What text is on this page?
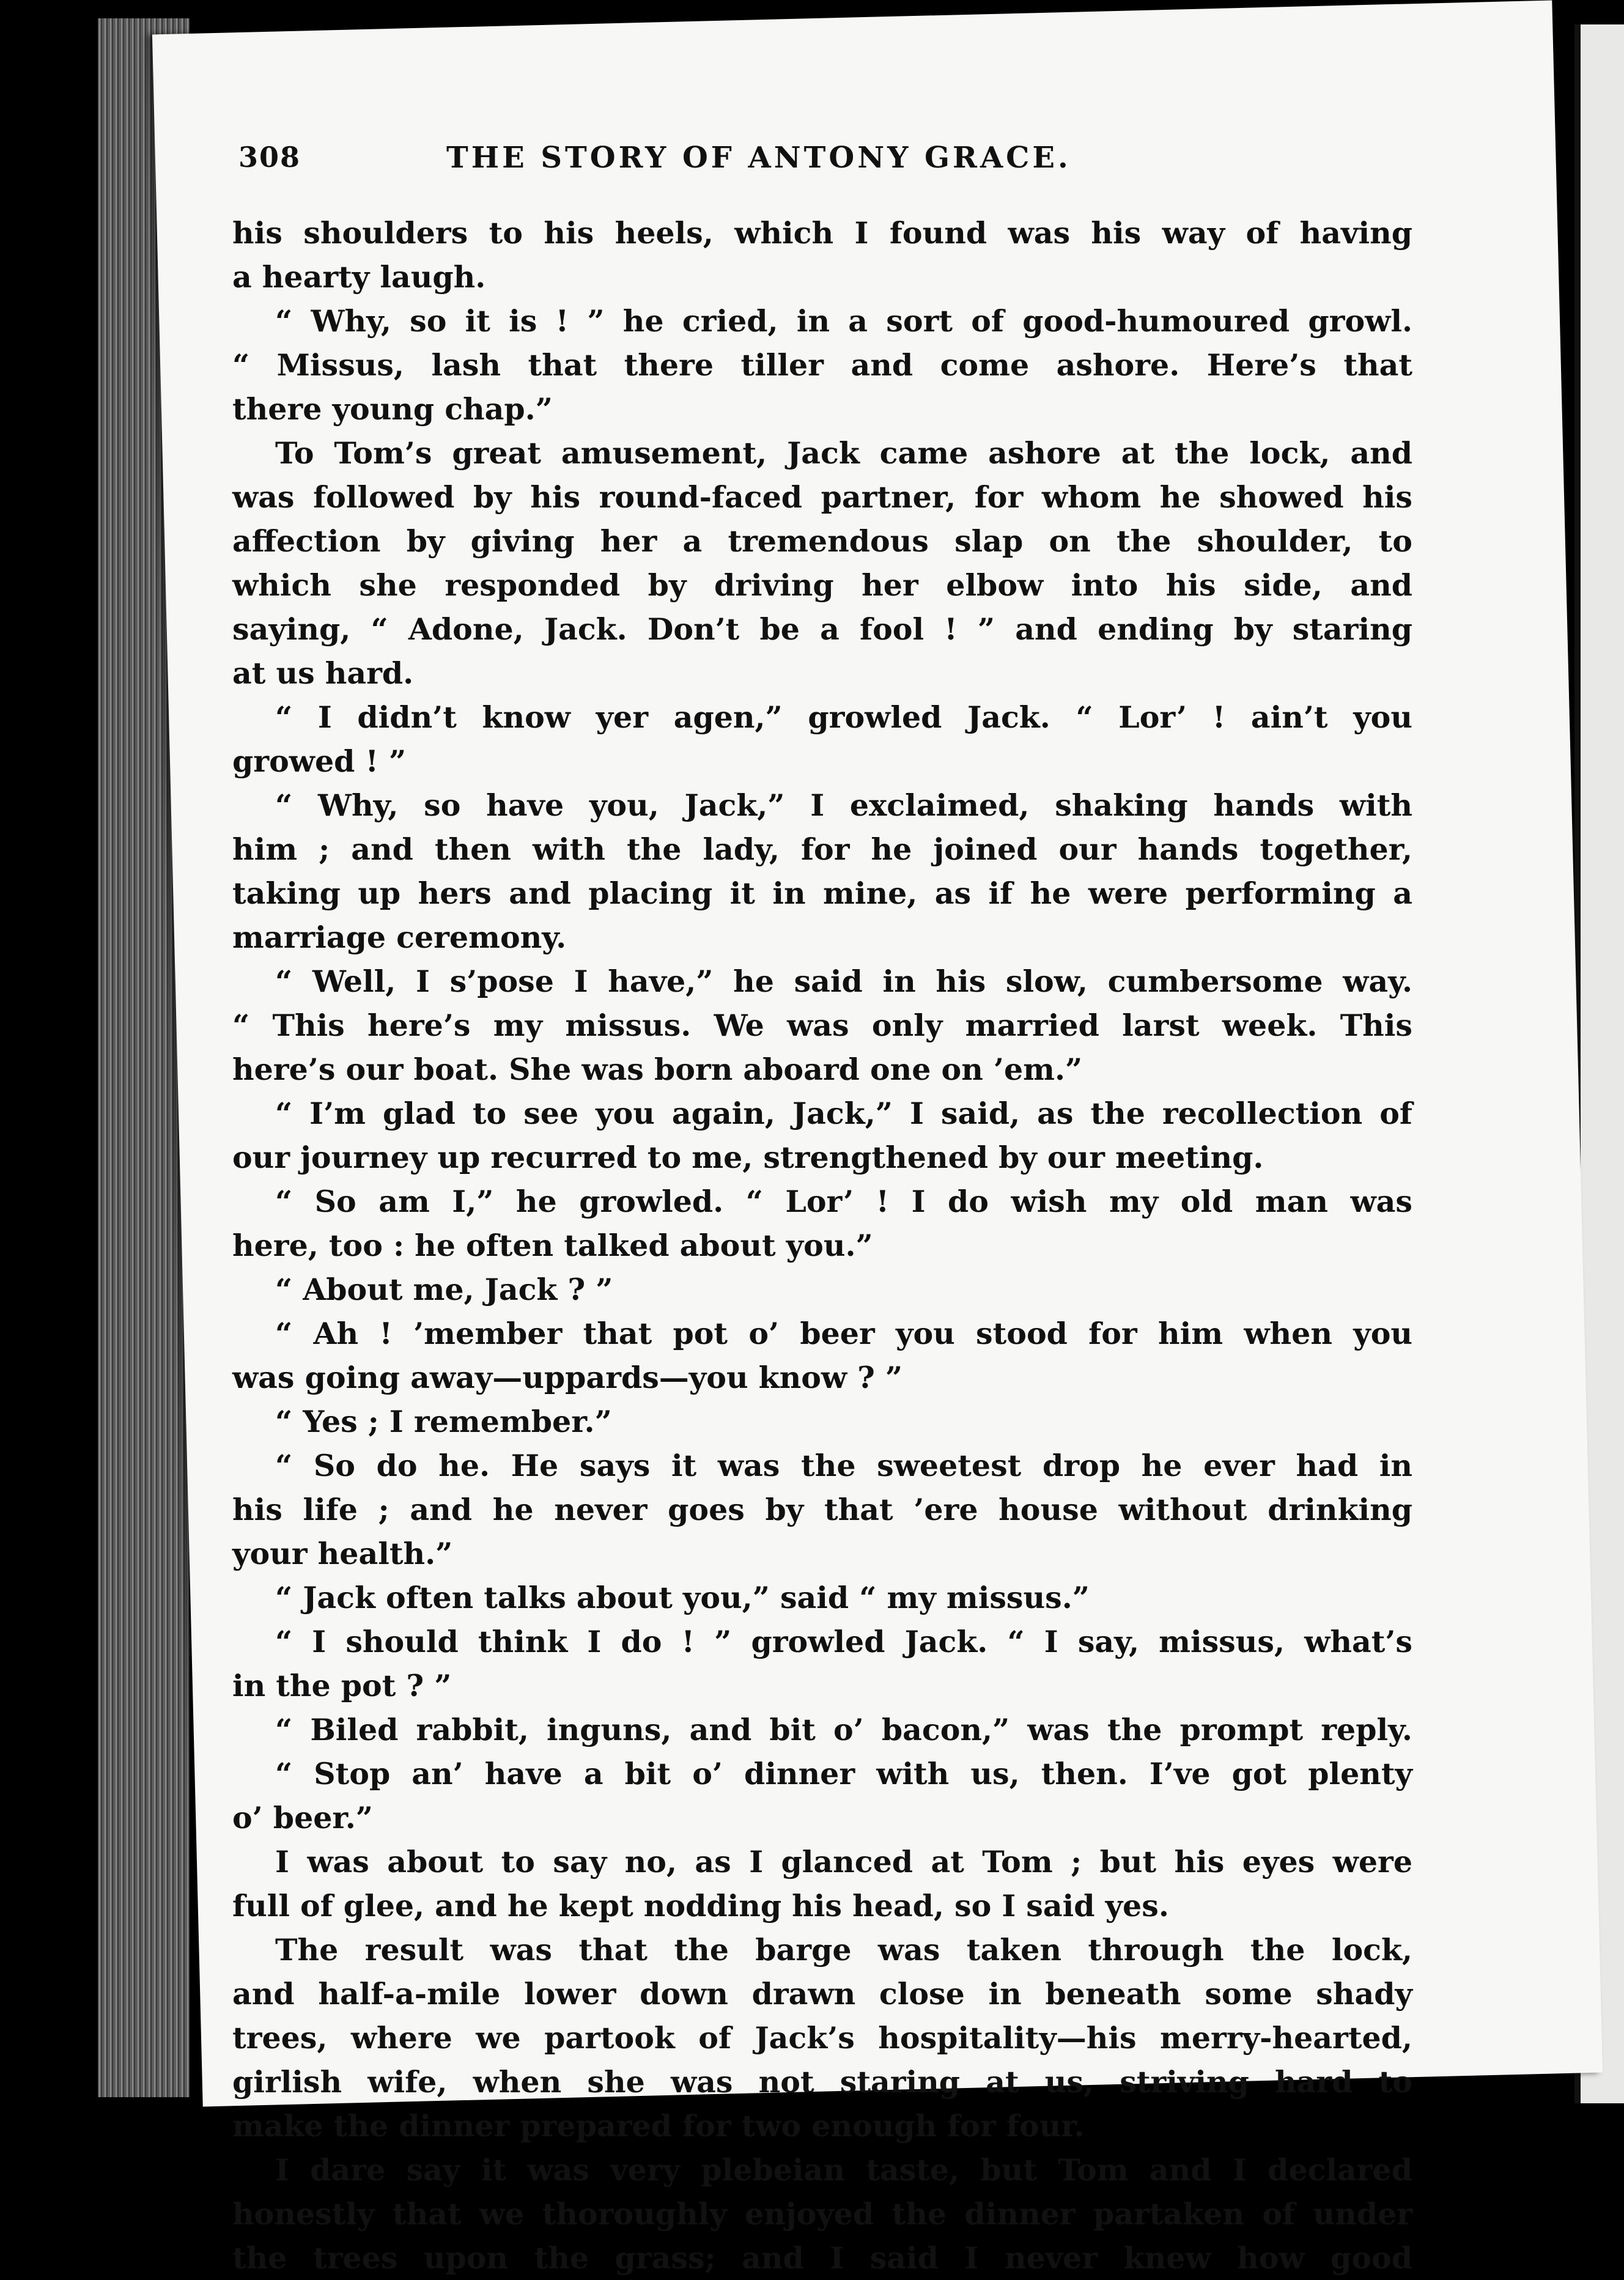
308	THE STORY OF ANTONY GRACE.
his shoulders to his heels, which I found was his way of having
a hearty laugh.
“ Why, so it is ! ” he cried, in a sort of good-humoured growl.
“ Missus, lash that there tiller and come ashore. Here’s that
there young chap.”
To Tom’s great amusement, Jack came ashore at the lock, and
was followed by his round-faced partner, for whom he showed his
affection by giving her a tremendous slap on the shoulder, to
which she responded by driving her elbow into his side, and
saying, “ Adone, Jack. Don’t be a fool ! ” and ending by staring
at us hard.
“ I didn’t know yer agen,” growled Jack. “ Lor’ ! ain’t you
growed ! ”
“ Why, so have you, Jack,” I exclaimed, shaking hands with
him ; and then with the lady, for he joined our hands together,
taking up hers and placing it in mine, as if he were performing a
marriage ceremony.
“ Well, I s’pose I have,” he said in his slow, cumbersome way.
“ This here’s my missus. We was only married larst week. This
here’s our boat. She was born aboard one on ’em.”
“ I’m glad to see you again, Jack,” I said, as the recollection of
our journey up recurred to me, strengthened by our meeting.
“ So am I,” he growled. “ Lor’ ! I do wish my old man was
here, too : he often talked about you.”
“ About me, Jack ? ”
“ Ah ! ’member that pot o’ beer you stood for him when you
was going away—uppards—you know ? ”
“ Yes ; I remember.”
“ So do he. He says it was the sweetest drop he ever had in
his life ; and he never goes by that ’ere house without drinking
your health.”
“ Jack often talks about you,” said “ my missus.”
“ I should think I do ! ” growled Jack. “ I say, missus, what’s
in the pot ? ”
“ Biled rabbit, inguns, and bit o’ bacon,” was the prompt reply.
“ Stop an’ have a bit o’ dinner with us, then. I’ve got plenty
o’ beer.”
I was about to say no, as I glanced at Tom ; but his eyes were
full of glee, and he kept nodding his head, so I said yes.
The result was that the barge was taken through the lock,
and half-a-mile lower down drawn close in beneath some shady
trees, where we partook of Jack’s hospitality—his merry-hearted,
girlish wife, when she was not staring at us, striving hard to
make the dinner prepared for two enough for four.
I dare say it was very plebeian taste, but Tom and I declared
honestly that we thoroughly enjoyed the dinner partaken of under
the trees upon the grass; and I said I never knew how good
